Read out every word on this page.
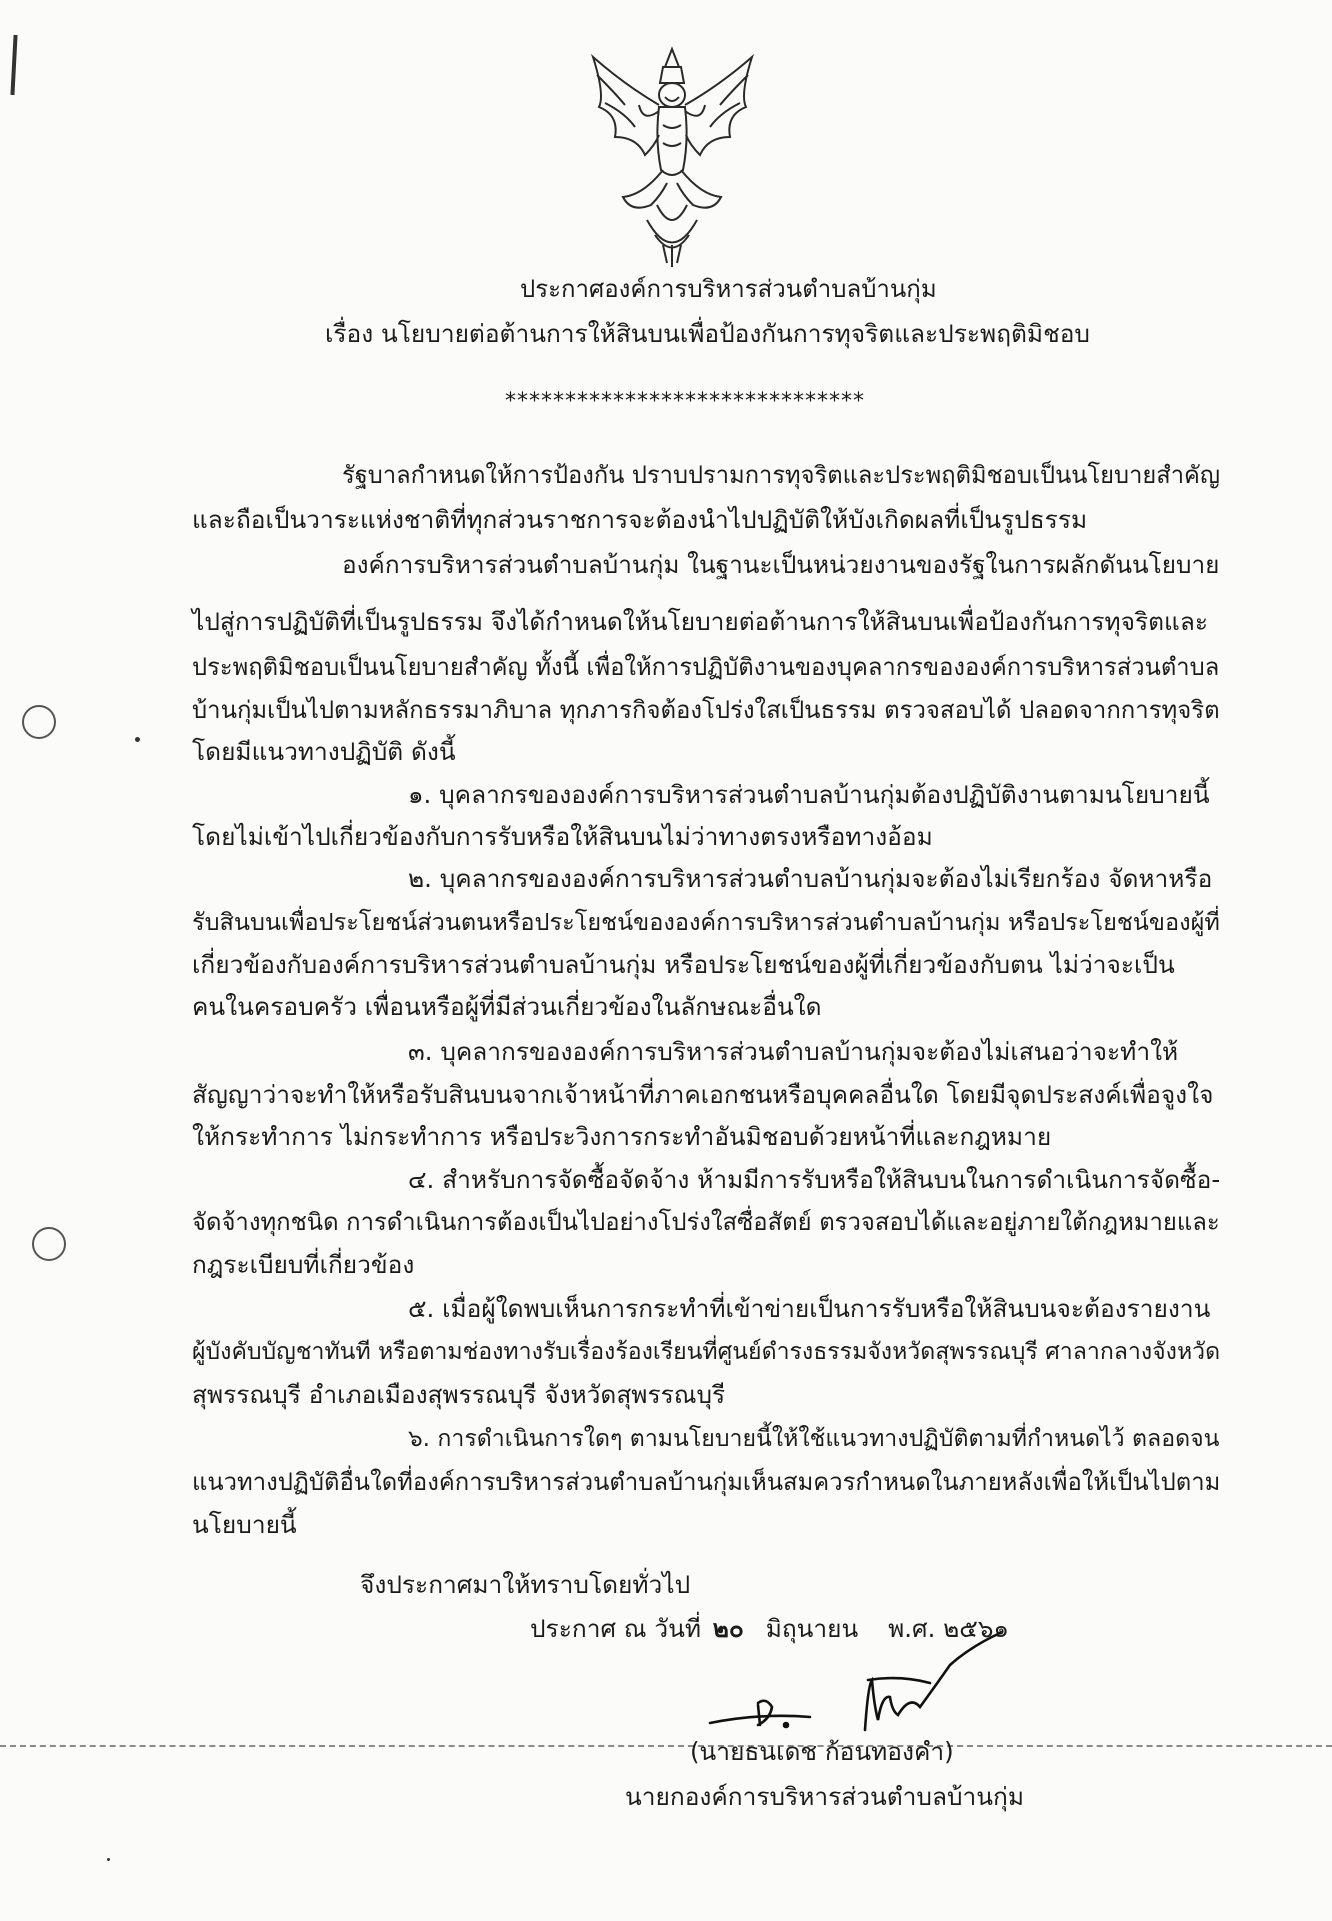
ประกาศองค์การบริหารส่วนตำบลบ้านกุ่ม
เรื่อง นโยบายต่อต้านการให้สินบนเพื่อป้องกันการทุจริตและประพฤติมิชอบ
******************************
รัฐบาลกำหนดให้การป้องกัน ปราบปรามการทุจริตและประพฤติมิชอบเป็นนโยบายสำคัญ
และถือเป็นวาระแห่งชาติที่ทุกส่วนราชการจะต้องนำไปปฏิบัติให้บังเกิดผลที่เป็นรูปธรรม
องค์การบริหารส่วนตำบลบ้านกุ่ม ในฐานะเป็นหน่วยงานของรัฐในการผลักดันนโยบาย
ไปสู่การปฏิบัติที่เป็นรูปธรรม จึงได้กำหนดให้นโยบายต่อต้านการให้สินบนเพื่อป้องกันการทุจริตและ
ประพฤติมิชอบเป็นนโยบายสำคัญ ทั้งนี้ เพื่อให้การปฏิบัติงานของบุคลากรขององค์การบริหารส่วนตำบล
บ้านกุ่มเป็นไปตามหลักธรรมาภิบาล ทุกภารกิจต้องโปร่งใสเป็นธรรม ตรวจสอบได้ ปลอดจากการทุจริต
โดยมีแนวทางปฏิบัติ ดังนี้
๑. บุคลากรขององค์การบริหารส่วนตำบลบ้านกุ่มต้องปฏิบัติงานตามนโยบายนี้
โดยไม่เข้าไปเกี่ยวข้องกับการรับหรือให้สินบนไม่ว่าทางตรงหรือทางอ้อม
๒. บุคลากรขององค์การบริหารส่วนตำบลบ้านกุ่มจะต้องไม่เรียกร้อง จัดหาหรือ
รับสินบนเพื่อประโยชน์ส่วนตนหรือประโยชน์ขององค์การบริหารส่วนตำบลบ้านกุ่ม หรือประโยชน์ของผู้ที่
เกี่ยวข้องกับองค์การบริหารส่วนตำบลบ้านกุ่ม หรือประโยชน์ของผู้ที่เกี่ยวข้องกับตน ไม่ว่าจะเป็น
คนในครอบครัว เพื่อนหรือผู้ที่มีส่วนเกี่ยวข้องในลักษณะอื่นใด
๓. บุคลากรขององค์การบริหารส่วนตำบลบ้านกุ่มจะต้องไม่เสนอว่าจะทำให้
สัญญาว่าจะทำให้หรือรับสินบนจากเจ้าหน้าที่ภาคเอกชนหรือบุคคลอื่นใด โดยมีจุดประสงค์เพื่อจูงใจ
ให้กระทำการ ไม่กระทำการ หรือประวิงการกระทำอันมิชอบด้วยหน้าที่และกฎหมาย
๔. สำหรับการจัดซื้อจัดจ้าง ห้ามมีการรับหรือให้สินบนในการดำเนินการจัดซื้อ-
จัดจ้างทุกชนิด การดำเนินการต้องเป็นไปอย่างโปร่งใสซื่อสัตย์ ตรวจสอบได้และอยู่ภายใต้กฎหมายและ
กฎระเบียบที่เกี่ยวข้อง
๕. เมื่อผู้ใดพบเห็นการกระทำที่เข้าข่ายเป็นการรับหรือให้สินบนจะต้องรายงาน
ผู้บังคับบัญชาทันที หรือตามช่องทางรับเรื่องร้องเรียนที่ศูนย์ดำรงธรรมจังหวัดสุพรรณบุรี ศาลากลางจังหวัด
สุพรรณบุรี อำเภอเมืองสุพรรณบุรี จังหวัดสุพรรณบุรี
๖. การดำเนินการใดๆ ตามนโยบายนี้ให้ใช้แนวทางปฏิบัติตามที่กำหนดไว้ ตลอดจน
แนวทางปฏิบัติอื่นใดที่องค์การบริหารส่วนตำบลบ้านกุ่มเห็นสมควรกำหนดในภายหลังเพื่อให้เป็นไปตาม
นโยบายนี้
จึงประกาศมาให้ทราบโดยทั่วไป
ประกาศ ณ วันที่ ๒๐ มิถุนายน พ.ศ. ๒๕๖๑
(นายธนเดช ก้อนทองคำ)
นายกองค์การบริหารส่วนตำบลบ้านกุ่ม
